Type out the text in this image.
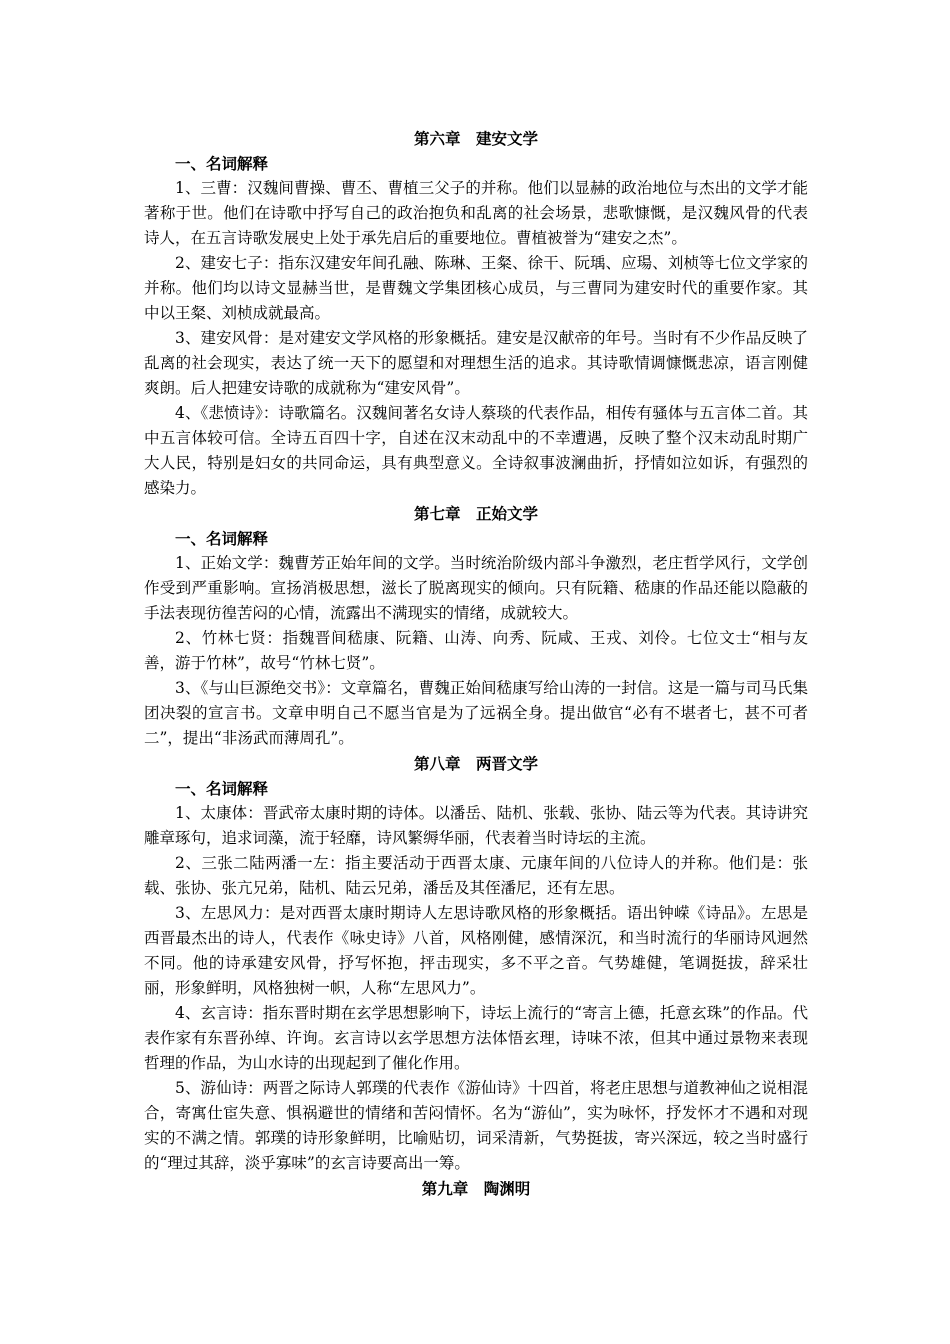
第六章　建安文学

一、名词解释

1、三曹：汉魏间曹操、曹丕、曹植三父子的并称。他们以显赫的政治地位与杰出的文学才能著称于世。他们在诗歌中抒写自己的政治抱负和乱离的社会场景，悲歌慷慨，是汉魏风骨的代表诗人，在五言诗歌发展史上处于承先启后的重要地位。曹植被誉为“建安之杰”。

2、建安七子：指东汉建安年间孔融、陈琳、王粲、徐干、阮瑀、应瑒、刘桢等七位文学家的并称。他们均以诗文显赫当世，是曹魏文学集团核心成员，与三曹同为建安时代的重要作家。其中以王粲、刘桢成就最高。

3、建安风骨：是对建安文学风格的形象概括。建安是汉献帝的年号。当时有不少作品反映了乱离的社会现实，表达了统一天下的愿望和对理想生活的追求。其诗歌情调慷慨悲凉，语言刚健爽朗。后人把建安诗歌的成就称为“建安风骨”。

4、《悲愤诗》：诗歌篇名。汉魏间著名女诗人蔡琰的代表作品，相传有骚体与五言体二首。其中五言体较可信。全诗五百四十字，自述在汉末动乱中的不幸遭遇，反映了整个汉末动乱时期广大人民，特别是妇女的共同命运，具有典型意义。全诗叙事波澜曲折，抒情如泣如诉，有强烈的感染力。

第七章　正始文学

一、名词解释

1、正始文学：魏曹芳正始年间的文学。当时统治阶级内部斗争激烈，老庄哲学风行，文学创作受到严重影响。宣扬消极思想，滋长了脱离现实的倾向。只有阮籍、嵇康的作品还能以隐蔽的手法表现彷徨苦闷的心情，流露出不满现实的情绪，成就较大。

2、竹林七贤：指魏晋间嵇康、阮籍、山涛、向秀、阮咸、王戎、刘伶。七位文士“相与友善，游于竹林”，故号“竹林七贤”。

3、《与山巨源绝交书》：文章篇名，曹魏正始间嵇康写给山涛的一封信。这是一篇与司马氏集团决裂的宣言书。文章申明自己不愿当官是为了远祸全身。提出做官“必有不堪者七，甚不可者二”，提出“非汤武而薄周孔”。

第八章　两晋文学

一、名词解释

1、太康体：晋武帝太康时期的诗体。以潘岳、陆机、张载、张协、陆云等为代表。其诗讲究雕章琢句，追求词藻，流于轻靡，诗风繁缛华丽，代表着当时诗坛的主流。

2、三张二陆两潘一左：指主要活动于西晋太康、元康年间的八位诗人的并称。他们是：张载、张协、张亢兄弟，陆机、陆云兄弟，潘岳及其侄潘尼，还有左思。

3、左思风力：是对西晋太康时期诗人左思诗歌风格的形象概括。语出钟嵘《诗品》。左思是西晋最杰出的诗人，代表作《咏史诗》八首，风格刚健，感情深沉，和当时流行的华丽诗风迥然不同。他的诗承建安风骨，抒写怀抱，抨击现实，多不平之音。气势雄健，笔调挺拔，辞采壮丽，形象鲜明，风格独树一帜，人称“左思风力”。

4、玄言诗：指东晋时期在玄学思想影响下，诗坛上流行的“寄言上德，托意玄珠”的作品。代表作家有东晋孙绰、许询。玄言诗以玄学思想方法体悟玄理，诗味不浓，但其中通过景物来表现哲理的作品，为山水诗的出现起到了催化作用。

5、游仙诗：两晋之际诗人郭璞的代表作《游仙诗》十四首，将老庄思想与道教神仙之说相混合，寄寓仕宦失意、惧祸避世的情绪和苦闷情怀。名为“游仙”，实为咏怀，抒发怀才不遇和对现实的不满之情。郭璞的诗形象鲜明，比喻贴切，词采清新，气势挺拔，寄兴深远，较之当时盛行的“理过其辞，淡乎寡味”的玄言诗要高出一筹。

第九章　陶渊明
